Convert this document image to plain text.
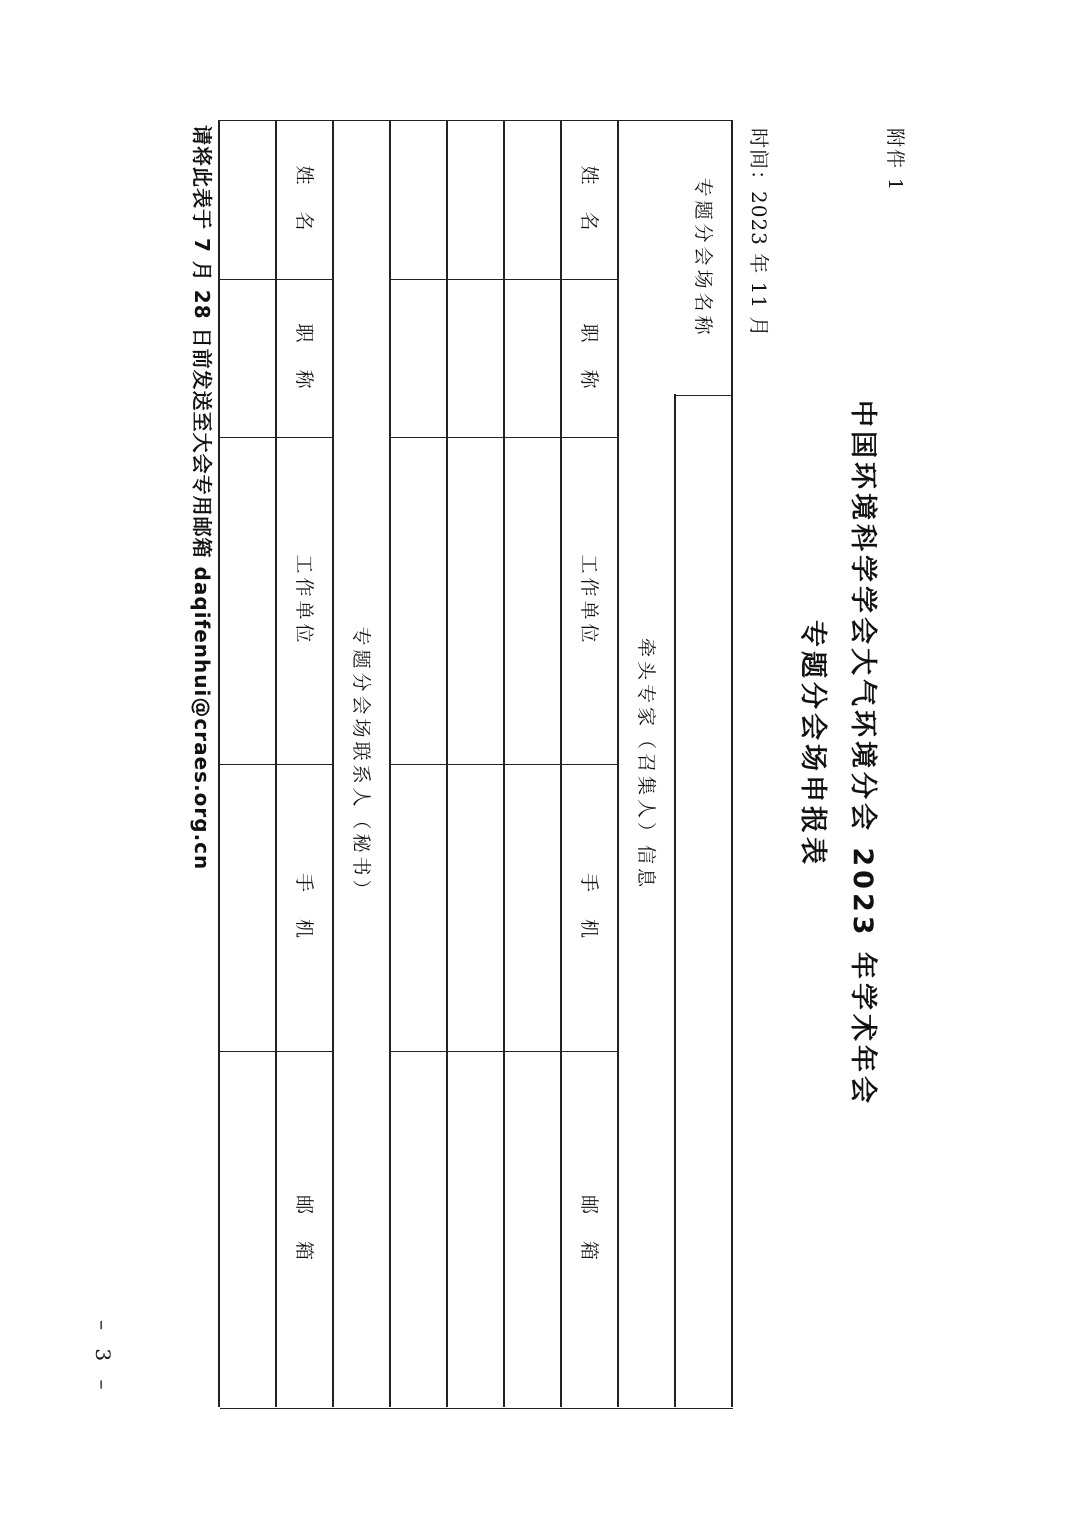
附件 1
中国环境科学学会大气环境分会 2023 年学术年会
专题分会场申报表
时间：2023 年 11 月
专题分会场名称
牵头专家（召集人）信息
姓　名
职　称
工作单位
手　机
邮　箱
专题分会场联系人（秘书）
姓　名
职　称
工作单位
手　机
邮　箱
请将此表于 7 月 28 日前发送至大会专用邮箱 daqifenhui@craes.org.cn
– 3 –
